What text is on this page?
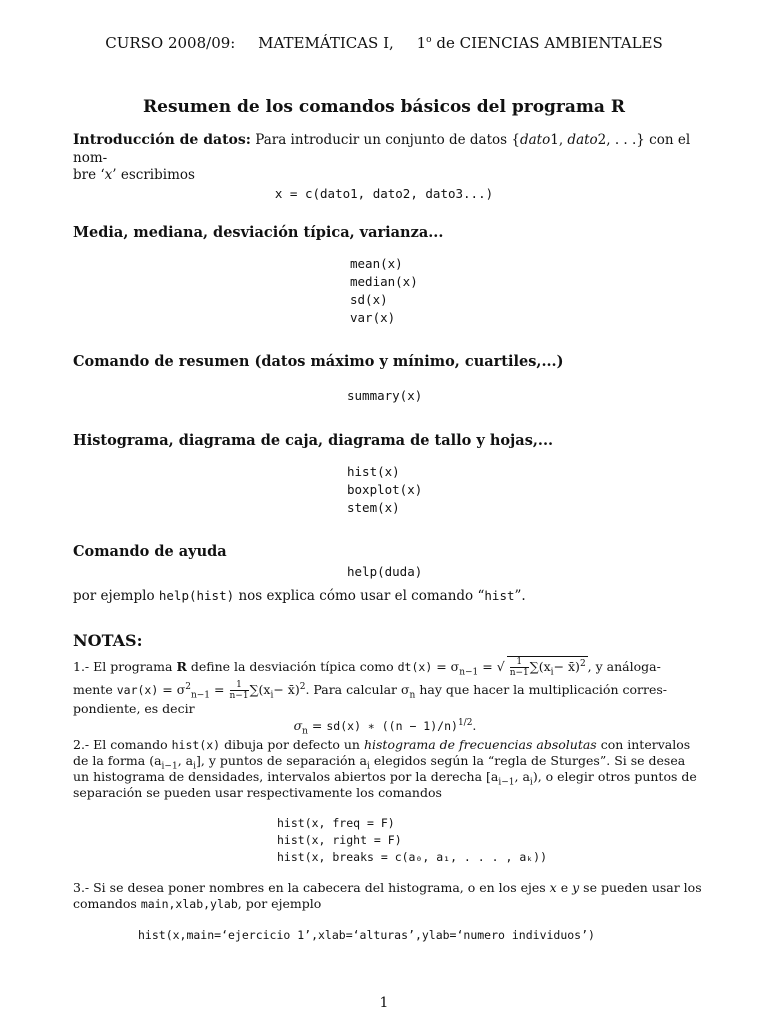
CURSO 2008/09: MATEMÁTICAS I, 1$^o$ de CIENCIAS AMBIENTALES
Resumen de los comandos básicos del programa R
Introducción de datos: Para introducir un conjunto de datos {dato1, dato2, . . .} con el nom-
bre ‘x’ escribimos
x = c(dato1, dato2, dato3...)
Media, mediana, desviación típica, varianza...
mean(x)
median(x)
sd(x)
var(x)
Comando de resumen (datos máximo y mínimo, cuartiles,...)
summary(x)
Histograma, diagrama de caja, diagrama de tallo y hojas,...
hist(x)
boxplot(x)
stem(x)
Comando de ayuda
help(duda)
por ejemplo help(hist) nos explica cómo usar el comando “hist”.
NOTAS:
1.- El programa R define la desviación típica como $dt(x) = \sigma_{n-1}$ = √ $\frac{1}{n-1} \sum(x_i-$ x̄)$^2$ , y análoga-
mente $var(x) = \sigma^2_{n-1} = \frac{1}{n-1} \sum(x_i-$ x̄)$^2$. Para calcular $\sigma_n$ hay que hacer la multiplicación corres-
pondiente, es decir
$\sigma_n = sd(x)$ ∗ $((n - 1)/n)^{1/2}$.
2.- El comando hist(x) dibuja por defecto un histograma de frecuencias absolutas con intervalos
de la forma ($a_{i-1}$, $a_i$], y puntos de separación $a_i$ elegidos según la “regla de Sturges”. Si se desea
un histograma de densidades, intervalos abiertos por la derecha [$a_{i-1}$, $a_i$), o elegir otros puntos de
separación se pueden usar respectivamente los comandos
hist(x, freq = F)
hist(x, right = F)
hist(x, breaks = c(a₀, a₁, . . . , aₖ))
3.- Si se desea poner nombres en la cabecera del histograma, o en los ejes x e y se pueden usar los
comandos main,xlab,ylab, por ejemplo
hist(x,main=‘ejercicio 1’,xlab=‘alturas’,ylab=‘numero individuos’)
1
